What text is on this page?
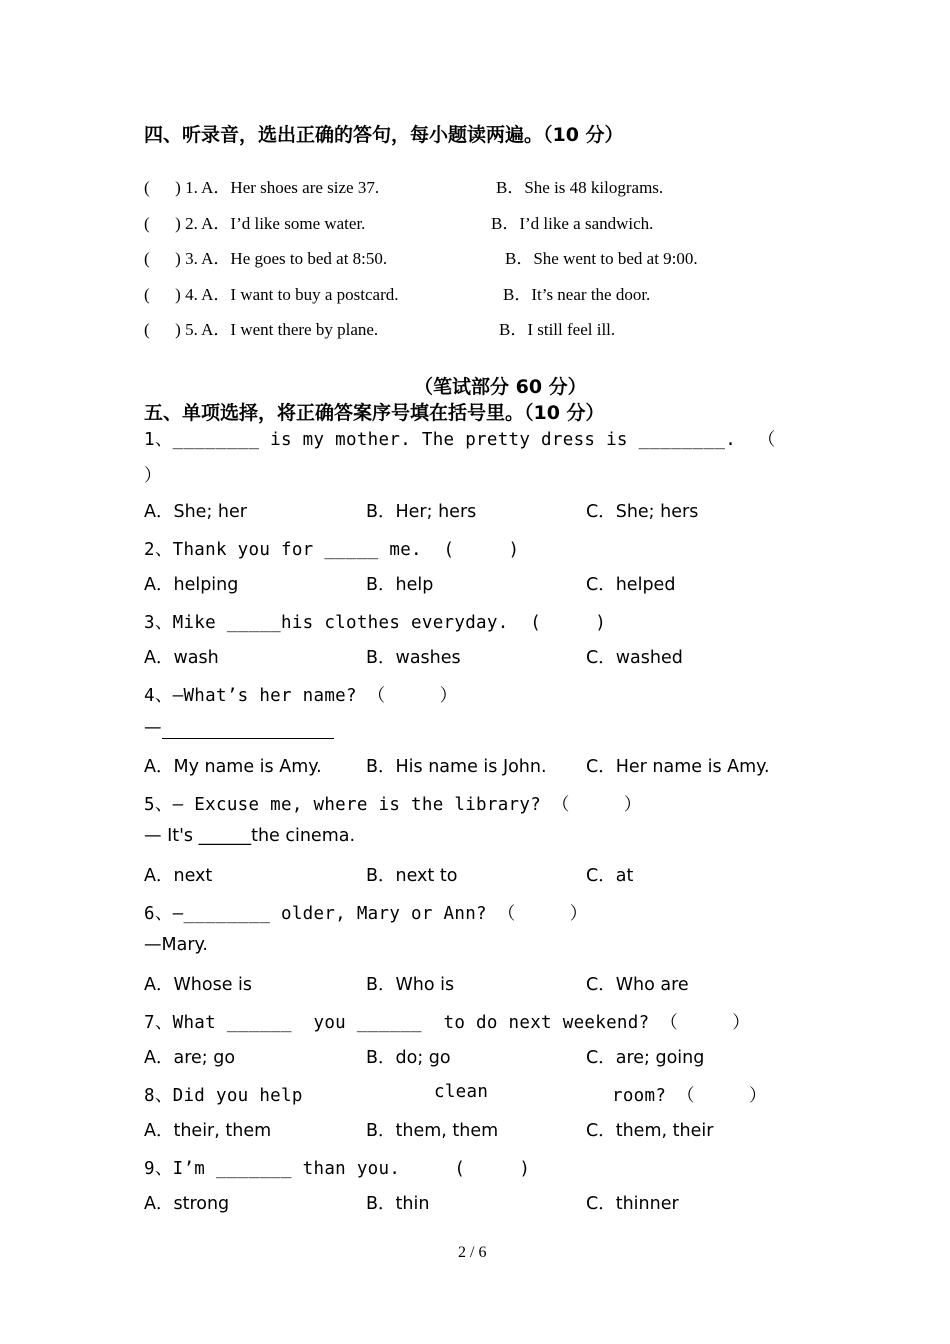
四、听录音，选出正确的答句，每小题读两遍。（10 分）
(      ) 1. A．Her shoes are size 37.	B．She is 48 kilograms.
(      ) 2. A．I’d like some water.	B．I’d like a sandwich.
(      ) 3. A．He goes to bed at 8:50.	B．She went to bed at 9:00.
(      ) 4. A．I want to buy a postcard.	B．It’s near the door.
(      ) 5. A．I went there by plane.	B．I still feel ill.
（笔试部分 60 分）
五、单项选择，将正确答案序号填在括号里。（10 分）
1、________ is my mother. The pretty dress is ________.  （
）
A．She; her	B．Her; hers	C．She; hers
2、Thank you for _____ me.  (     )
A．helping	B．help	C．helped
3、Mike _____his clothes everyday.  (     )
A．wash	B．washes	C．washed
4、—What’s her name? （     ）
—
A．My name is Amy.	B．His name is John. C．Her name is Amy.
5、— Excuse me, where is the library? （     ）
— It's ______the cinema.
A．next	B．next to	C．at
6、—________ older, Mary or Ann? （     ）
—Mary.
A．Whose is	B．Who is	C．Who are
7、What ______  you ______  to do next weekend? （     ）
A．are; go	B．do; go	C．are; going
8、Did you help	clean	room? （     ）
A．their, them	B．them, them	C．them, their
9、I’m _______ than you.     (     )
A．strong	B．thin	C．thinner
2 / 6
